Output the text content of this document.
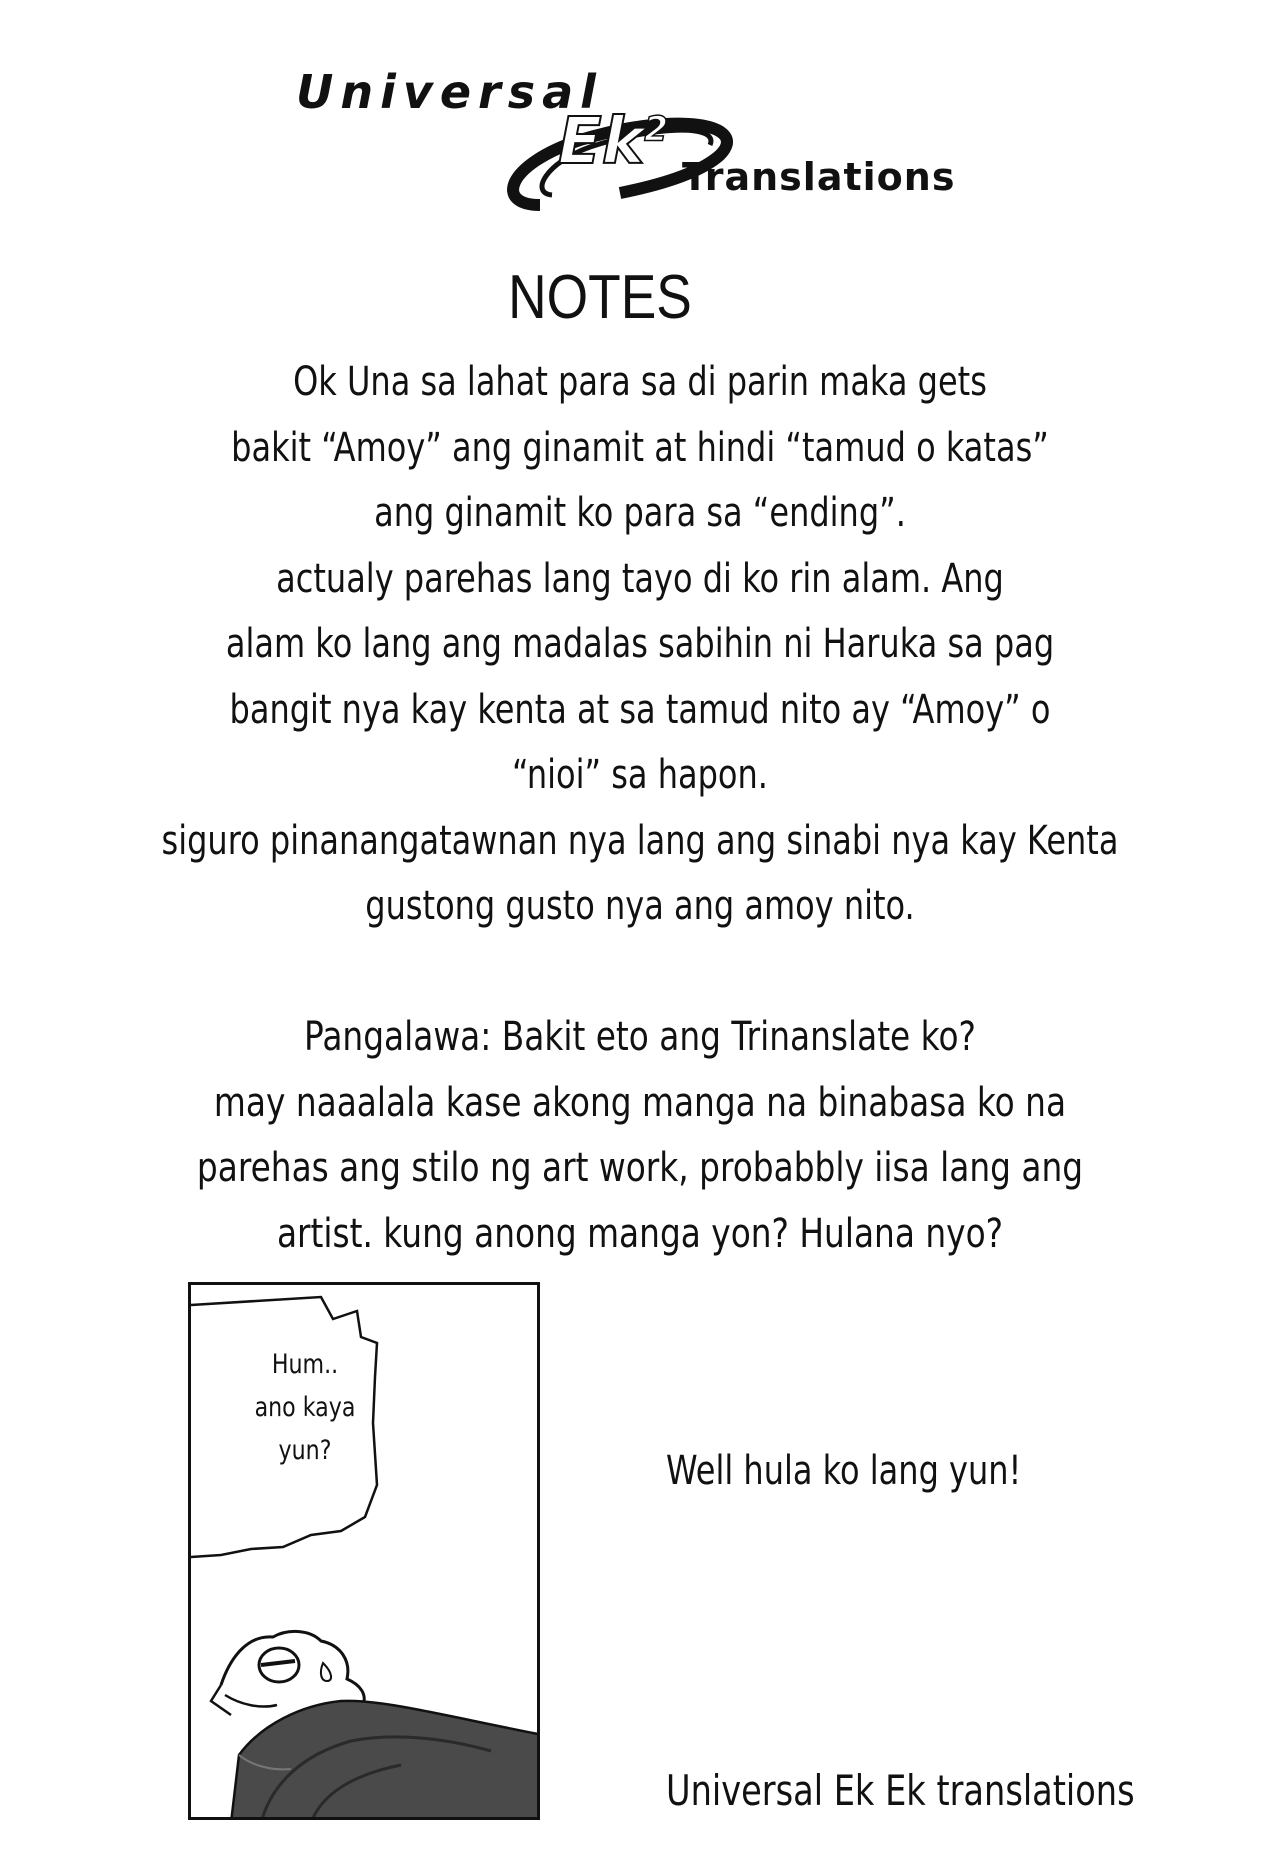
Universal
Ek$^2$
Translations
NOTES
Ok Una sa lahat para sa di parin maka gets
bakit “Amoy” ang ginamit at hindi “tamud o katas”
ang ginamit ko para sa “ending”.
actualy parehas lang tayo di ko rin alam. Ang
alam ko lang ang madalas sabihin ni Haruka sa pag
bangit nya kay kenta at sa tamud nito ay “Amoy” o
“nioi” sa hapon.
siguro pinanangatawnan nya lang ang sinabi nya kay Kenta
gustong gusto nya ang amoy nito.
Pangalawa: Bakit eto ang Trinanslate ko?
may naaalala kase akong manga na binabasa ko na
parehas ang stilo ng art work, probabbly iisa lang ang
artist. kung anong manga yon? Hulana nyo?
Hum..
ano kaya
yun?	Well hula ko lang yun!
Universal Ek Ek translations
